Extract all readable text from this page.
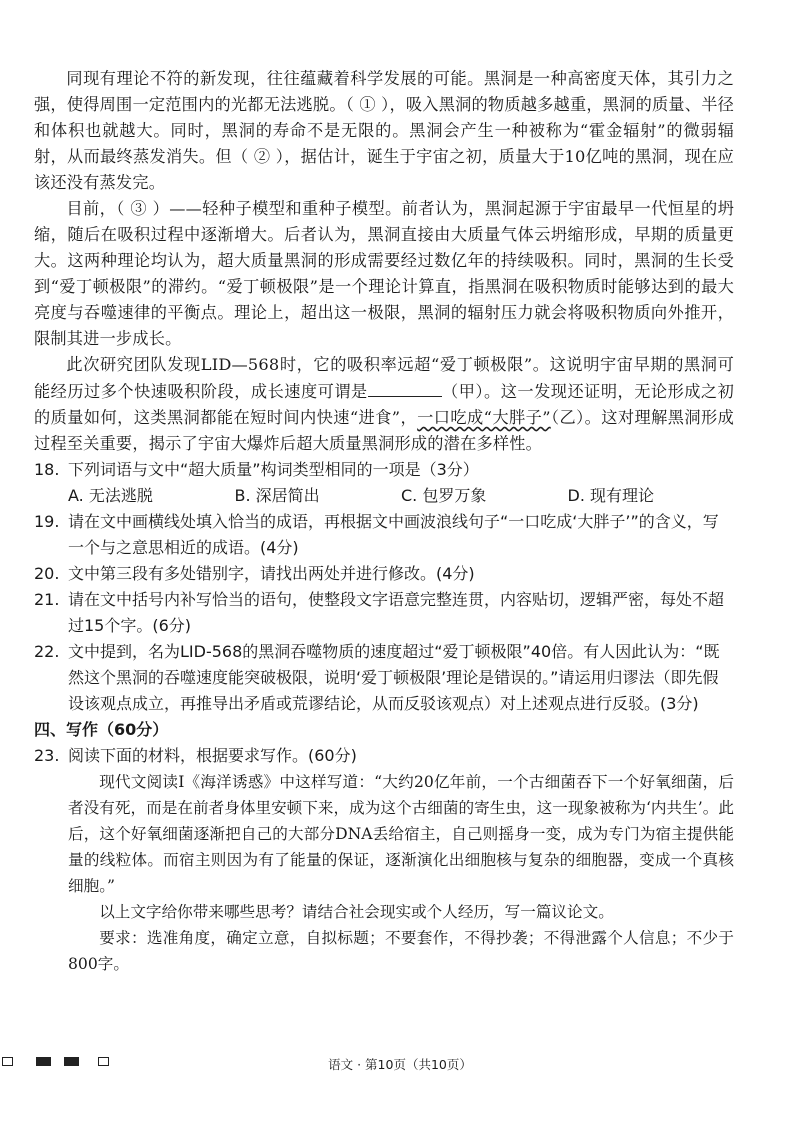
同现有理论不符的新发现，往往蕴藏着科学发展的可能。黑洞是一种高密度天体，其引力之强，使得周围一定范围内的光都无法逃脱。（ ① ），吸入黑洞的物质越多越重，黑洞的质量、半径和体积也就越大。同时，黑洞的寿命不是无限的。黑洞会产生一种被称为“霍金辐射”的微弱辐射，从而最终蒸发消失。但（ ② ），据估计，诞生于宇宙之初，质量大于10亿吨的黑洞，现在应该还没有蒸发完。

目前，（ ③ ）——轻种子模型和重种子模型。前者认为，黑洞起源于宇宙最早一代恒星的坍缩，随后在吸积过程中逐渐增大。后者认为，黑洞直接由大质量气体云坍缩形成，早期的质量更大。这两种理论均认为，超大质量黑洞的形成需要经过数亿年的持续吸积。同时，黑洞的生长受到“爱丁顿极限”的滞约。“爱丁顿极限”是一个理论计算直，指黑洞在吸积物质时能够达到的最大亮度与吞噬速律的平衡点。理论上，超出这一极限，黑洞的辐射压力就会将吸积物质向外推开，限制其进一步成长。

此次研究团队发现LID—568时，它的吸积率远超“爱丁顿极限”。这说明宇宙早期的黑洞可能经历过多个快速吸积阶段，成长速度可谓是	（甲）。这一发现还证明，无论形成之初的质量如何，这类黑洞都能在短时间内快速“进食”，一口吃成“大胖子”（乙）。这对理解黑洞形成过程至关重要，揭示了宇宙大爆炸后超大质量黑洞形成的潜在多样性。

18. 下列词语与文中“超大质量”构词类型相同的一项是（3分）

A. 无法逃脱	B. 深居简出	C. 包罗万象	D. 现有理论

19. 请在文中画横线处填入恰当的成语，再根据文中画波浪线句子“一口吃成‘大胖子’”的含义，写一个与之意思相近的成语。(4分)

20. 文中第三段有多处错别字，请找出两处并进行修改。(4分)

21. 请在文中括号内补写恰当的语句，使整段文字语意完整连贯，内容贴切，逻辑严密，每处不超过15个字。(6分)

22. 文中提到，名为LID-568的黑洞吞噬物质的速度超过“爱丁顿极限”40倍。有人因此认为：“既然这个黑洞的吞噬速度能突破极限，说明‘爱丁顿极限’理论是错误的。”请运用归谬法（即先假设该观点成立，再推导出矛盾或荒谬结论，从而反驳该观点）对上述观点进行反驳。(3分)

四、写作（60分）

23. 阅读下面的材料，根据要求写作。(60分)

现代文阅读Ⅰ《海洋诱惑》中这样写道：“大约20亿年前，一个古细菌吞下一个好氧细菌，后者没有死，而是在前者身体里安顿下来，成为这个古细菌的寄生虫，这一现象被称为‘内共生’。此后，这个好氧细菌逐渐把自己的大部分DNA丢给宿主，自己则摇身一变，成为专门为宿主提供能量的线粒体。而宿主则因为有了能量的保证，逐渐演化出细胞核与复杂的细胞器，变成一个真核细胞。”

以上文字给你带来哪些思考？请结合社会现实或个人经历，写一篇议论文。

要求：选准角度，确定立意，自拟标题；不要套作，不得抄袭；不得泄露个人信息；不少于800字。

语文 · 第10页（共10页）
